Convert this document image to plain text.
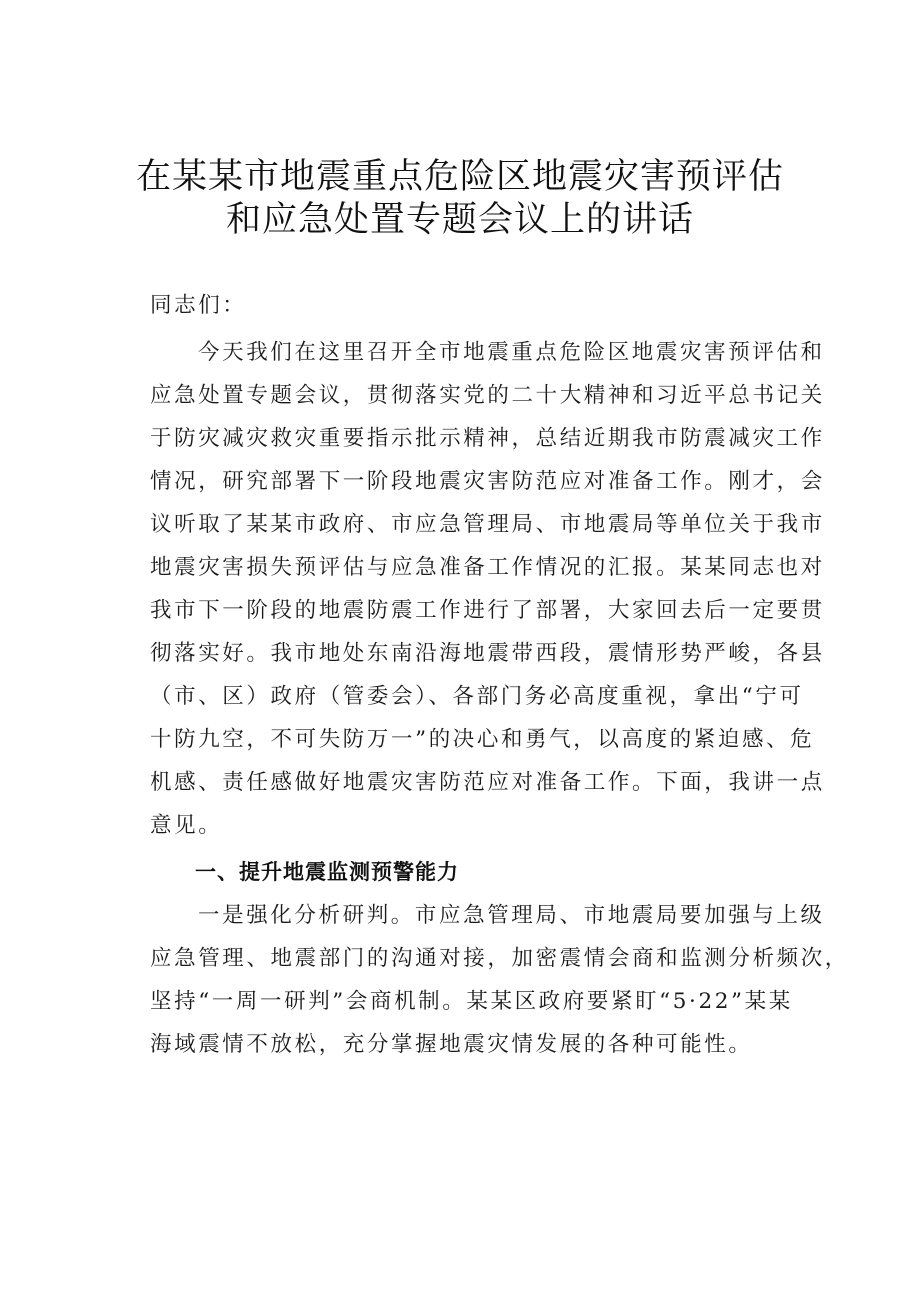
在某某市地震重点危险区地震灾害预评估
和应急处置专题会议上的讲话
同志们：
今天我们在这里召开全市地震重点危险区地震灾害预评估和
应急处置专题会议，贯彻落实党的二十大精神和习近平总书记关
于防灾减灾救灾重要指示批示精神，总结近期我市防震减灾工作
情况，研究部署下一阶段地震灾害防范应对准备工作。刚才，会
议听取了某某市政府、市应急管理局、市地震局等单位关于我市
地震灾害损失预评估与应急准备工作情况的汇报。某某同志也对
我市下一阶段的地震防震工作进行了部署，大家回去后一定要贯
彻落实好。我市地处东南沿海地震带西段，震情形势严峻，各县
（市、区）政府（管委会）、各部门务必高度重视，拿出“宁可
十防九空，不可失防万一”的决心和勇气，以高度的紧迫感、危
机感、责任感做好地震灾害防范应对准备工作。下面，我讲一点
意见。
一、提升地震监测预警能力
一是强化分析研判。市应急管理局、市地震局要加强与上级
应急管理、地震部门的沟通对接，加密震情会商和监测分析频次，
坚持“一周一研判”会商机制。某某区政府要紧盯“5·22”某某
海域震情不放松，充分掌握地震灾情发展的各种可能性。
